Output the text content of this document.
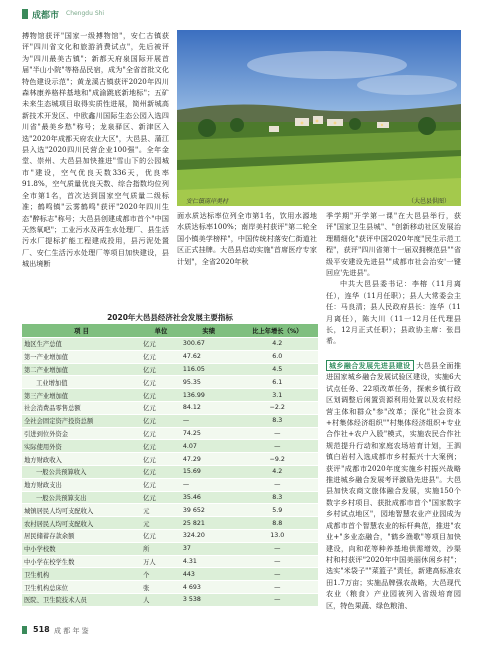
成都市 Chengdu Shi

搏物馆获评"国家一级搏物馆"，安仁古镇获评"四川省文化和旅游消费试点"，先后被评为"四川最美古镇"；新都天府泉国际开展首届"半山小院"等格品民宿，成为"全省首批文化特色建设示范"；黄龙溪古镇获评2020年四川森林康养格样基地和"成渝跳底新地标"；五矿未来生态城项目取得实质性进展，简州新城高新技术开发区、中欧鑫川国际生态公园入选四川省"最美乡愁"称号；龙泉驿区、新津区入选"2020年成都天府农业大区"，大邑县、蒲江县入选"2020四川民营企业100强"。全年金堂、崇州、大邑县加快推进"雪山下的公园城市"建设，空气优良天数336天，优良率91.8%，空气质量优良天数、综合指数均位列全市第1名，首次达到国家空气质量二级标准；鹤鸣镇"云雾鹤鸣"获评"2020年四川生态"醉标志"称号；大邑县创建成都市首个"中国天然氧吧"；工业污水及再生水处理厂、县生活污水厂提标扩能工程建成投用，县污泥处置厂、安仁生活污水处理厂等项目加快建设，县城出境断

安仁镇南岸美村	（大邑县供图）

面水质达标率位列全市第1名，饮用水源地水质达标率100%；南岸美村获评"第二轮全国小镇美学榜样"，中国传统村落安仁街道社区正式挂牌。大邑县启动实施"首席医疗专家计划"，全省2020年秋

季学期"开学第一课"在大邑县举行，获评"国家卫生县城"、"创新移动社区发展治理精细化"获评中国2020年度"民生示范工程"，获评"四川省第十一届双拥模范县""省级平安建设先进县""成都市社会治安'一键回应'先进县"。

中共大邑县委书记：李榕（11月离任），连华（11月任职）；县人大常委会主任：马良清；县人民政府县长：连华（11月离任），陈大川（11一12月任代理县长，12月正式任职）；县政协主席：张昌希。

城乡融合发展先进县建设 大邑县全面推进国家城乡融合发展试验区建设，实施6大试点任务、22项改革任务，探索乡镇行政区划调整后闲置资源利用处置以及农村经营主体和群众"参"改革；深化"社会资本+村集体经济组织""村集体经济组织+专业合作社+农户入股"模式，实施农民合作社规范提升行动和家庭农场培育计划，王泗镇白岩村入选成都市乡村振兴十大案例；获评"成都市2020年度实施乡村振兴战略推进城乡融合发展考评激励先进县"。大邑县加快农商文旅体融合发展，实施150个数字乡村项目、获批成都市首个"国家数字乡村试点地区"，园地智慧农业产业园成为成都市首个智慧农业的标杆典范，推进"农业+"多业态融合，"鹤乡渔歌"等项目加快建设，向和花等种养基地供需增效，沙渠村和村获评"2020年中国美丽休闲乡村"；选实"米袋子""菜篮子"责任，新建高标准农田1.7万亩；实施品牌强农战略，大邑现代农业（粮食）产业园被列入省级培育园区，特色果蔬、绿色粮油、
2020年大邑县经济社会发展主要指标
项 目	单位	实绩	比上年增长（%）
地区生产总值	亿元	300.67	4.2
第一产业增加值	亿元	47.62	6.0
第二产业增加值	亿元	116.05	4.5
工业增加值	亿元	95.35	6.1
第三产业增加值	亿元	136.99	3.1
社会消费品零售总额	亿元	84.12	−2.2
全社会固定资产投资总额	亿元	—	8.3
引进到位外资金	亿元	74.25	—
实际使用外资	亿元	4.07	—
地方财政收入	亿元	47.29	−9.2
一般公共预算收入	亿元	15.69	4.2
地方财政支出	亿元	—	—
一般公共预算支出	亿元	35.46	8.3
城镇居民人均可支配收入	元	39 652	5.9
农村居民人均可支配收入	元	25 821	8.8
居民储蓄存款余额	亿元	324.20	13.0
中小学校数	所	37	—
中小学在校学生数	万人	4.31	—
卫生机构	个	443	—
卫生机构总床位	张	4 693	—
医院、卫生院技术人员	人	3 538	—
518 成 都 年 鉴
